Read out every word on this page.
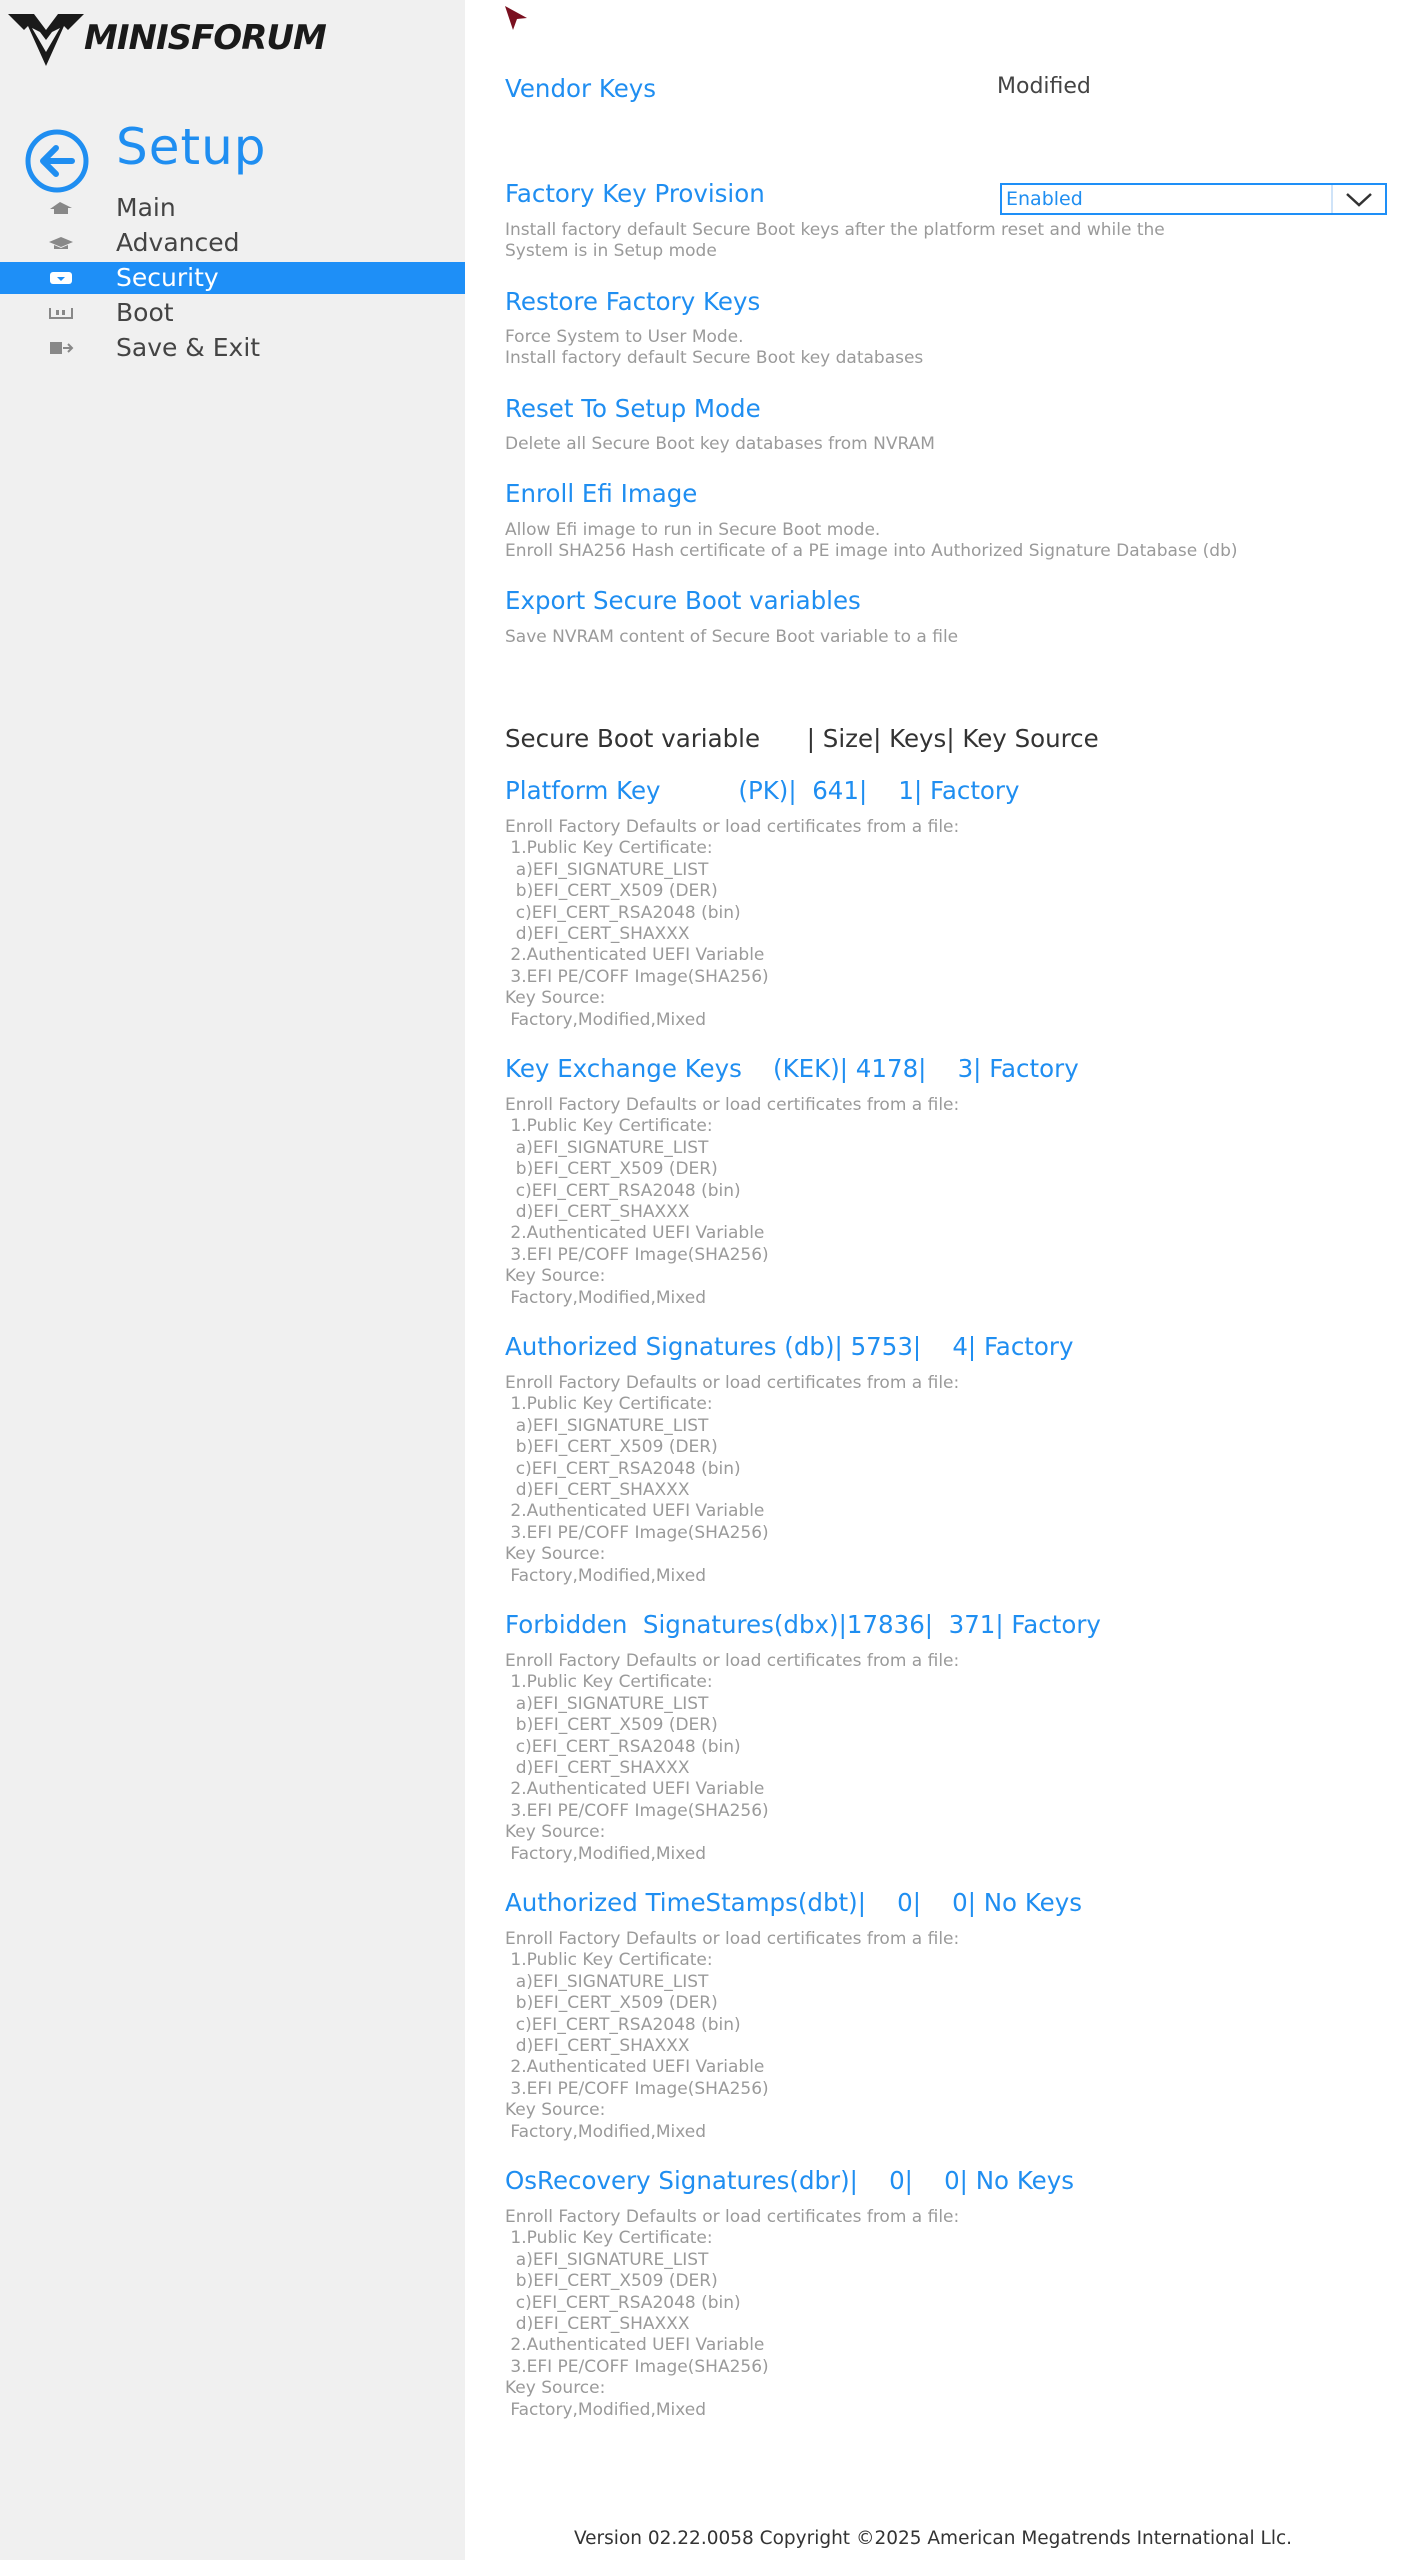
MINISFORUM
Setup
Main
Advanced
Security
Boot
Save & Exit
Vendor Keys	Modified
Factory Key Provision	Enabled
Install factory default Secure Boot keys after the platform reset and while the
System is in Setup mode
Restore Factory Keys
Force System to User Mode.
Install factory default Secure Boot key databases
Reset To Setup Mode
Delete all Secure Boot key databases from NVRAM
Enroll Efi Image
Allow Efi image to run in Secure Boot mode.
Enroll SHA256 Hash certificate of a PE image into Authorized Signature Database (db)
Export Secure Boot variables
Save NVRAM content of Secure Boot variable to a file
Secure Boot variable      | Size| Keys| Key Source
Platform Key          (PK)|  641|    1| Factory
Enroll Factory Defaults or load certificates from a file:
1.Public Key Certificate:
a)EFI_SIGNATURE_LIST
b)EFI_CERT_X509 (DER)
c)EFI_CERT_RSA2048 (bin)
d)EFI_CERT_SHAXXX
2.Authenticated UEFI Variable
3.EFI PE/COFF Image(SHA256)
Key Source:
Factory,Modified,Mixed
Key Exchange Keys    (KEK)| 4178|    3| Factory
Enroll Factory Defaults or load certificates from a file:
1.Public Key Certificate:
a)EFI_SIGNATURE_LIST
b)EFI_CERT_X509 (DER)
c)EFI_CERT_RSA2048 (bin)
d)EFI_CERT_SHAXXX
2.Authenticated UEFI Variable
3.EFI PE/COFF Image(SHA256)
Key Source:
Factory,Modified,Mixed
Authorized Signatures (db)| 5753|    4| Factory
Enroll Factory Defaults or load certificates from a file:
1.Public Key Certificate:
a)EFI_SIGNATURE_LIST
b)EFI_CERT_X509 (DER)
c)EFI_CERT_RSA2048 (bin)
d)EFI_CERT_SHAXXX
2.Authenticated UEFI Variable
3.EFI PE/COFF Image(SHA256)
Key Source:
Factory,Modified,Mixed
Forbidden  Signatures(dbx)|17836|  371| Factory
Enroll Factory Defaults or load certificates from a file:
1.Public Key Certificate:
a)EFI_SIGNATURE_LIST
b)EFI_CERT_X509 (DER)
c)EFI_CERT_RSA2048 (bin)
d)EFI_CERT_SHAXXX
2.Authenticated UEFI Variable
3.EFI PE/COFF Image(SHA256)
Key Source:
Factory,Modified,Mixed
Authorized TimeStamps(dbt)|    0|    0| No Keys
Enroll Factory Defaults or load certificates from a file:
1.Public Key Certificate:
a)EFI_SIGNATURE_LIST
b)EFI_CERT_X509 (DER)
c)EFI_CERT_RSA2048 (bin)
d)EFI_CERT_SHAXXX
2.Authenticated UEFI Variable
3.EFI PE/COFF Image(SHA256)
Key Source:
Factory,Modified,Mixed
OsRecovery Signatures(dbr)|    0|    0| No Keys
Enroll Factory Defaults or load certificates from a file:
1.Public Key Certificate:
a)EFI_SIGNATURE_LIST
b)EFI_CERT_X509 (DER)
c)EFI_CERT_RSA2048 (bin)
d)EFI_CERT_SHAXXX
2.Authenticated UEFI Variable
3.EFI PE/COFF Image(SHA256)
Key Source:
Factory,Modified,Mixed
Version 02.22.0058 Copyright ©2025 American Megatrends International Llc.
